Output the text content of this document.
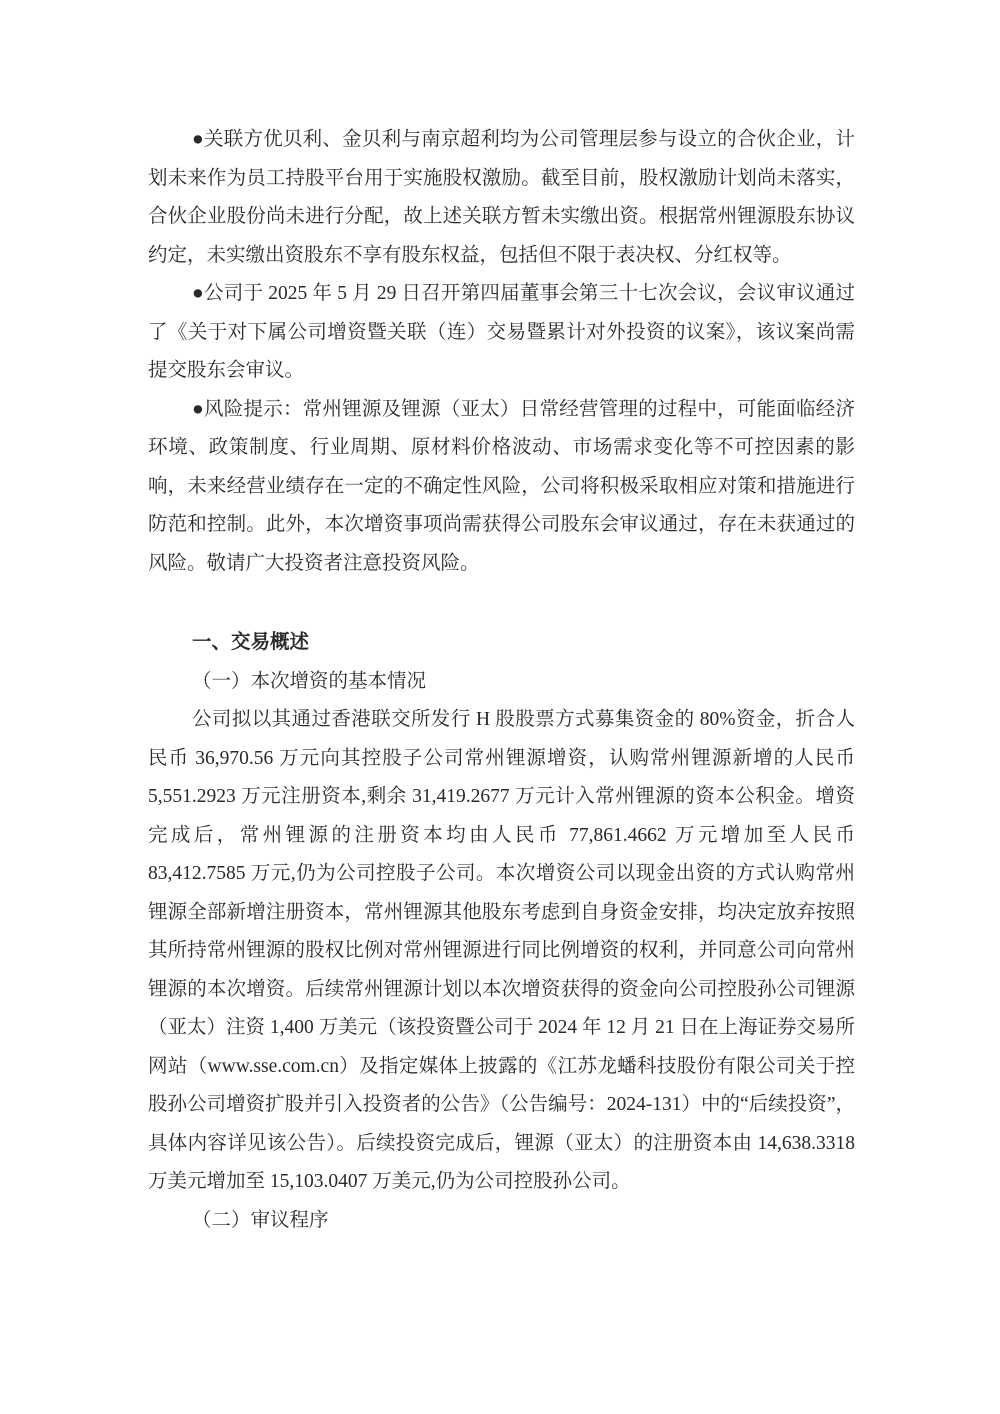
●关联方优贝利、金贝利与南京超利均为公司管理层参与设立的合伙企业，计划未来作为员工持股平台用于实施股权激励。截至目前，股权激励计划尚未落实，合伙企业股份尚未进行分配，故上述关联方暂未实缴出资。根据常州锂源股东协议约定，未实缴出资股东不享有股东权益，包括但不限于表决权、分红权等。

●公司于 2025 年 5 月 29 日召开第四届董事会第三十七次会议，会议审议通过了《关于对下属公司增资暨关联（连）交易暨累计对外投资的议案》，该议案尚需提交股东会审议。

●风险提示：常州锂源及锂源（亚太）日常经营管理的过程中，可能面临经济环境、政策制度、行业周期、原材料价格波动、市场需求变化等不可控因素的影响，未来经营业绩存在一定的不确定性风险，公司将积极采取相应对策和措施进行防范和控制。此外，本次增资事项尚需获得公司股东会审议通过，存在未获通过的风险。敬请广大投资者注意投资风险。

一、交易概述

（一）本次增资的基本情况

公司拟以其通过香港联交所发行 H 股股票方式募集资金的 80%资金，折合人民币 36,970.56 万元向其控股子公司常州锂源增资，认购常州锂源新增的人民币 5,551.2923 万元注册资本,剩余 31,419.2677 万元计入常州锂源的资本公积金。增资完成后，常州锂源的注册资本均由人民币 77,861.4662 万元增加至人民币 83,412.7585 万元,仍为公司控股子公司。本次增资公司以现金出资的方式认购常州锂源全部新增注册资本，常州锂源其他股东考虑到自身资金安排，均决定放弃按照其所持常州锂源的股权比例对常州锂源进行同比例增资的权利，并同意公司向常州锂源的本次增资。后续常州锂源计划以本次增资获得的资金向公司控股孙公司锂源（亚太）注资 1,400 万美元（该投资暨公司于 2024 年 12 月 21 日在上海证券交易所网站（www.sse.com.cn）及指定媒体上披露的《江苏龙蟠科技股份有限公司关于控股孙公司增资扩股并引入投资者的公告》（公告编号：2024-131）中的“后续投资”，具体内容详见该公告）。后续投资完成后，锂源（亚太）的注册资本由 14,638.3318 万美元增加至 15,103.0407 万美元,仍为公司控股孙公司。

（二）审议程序
